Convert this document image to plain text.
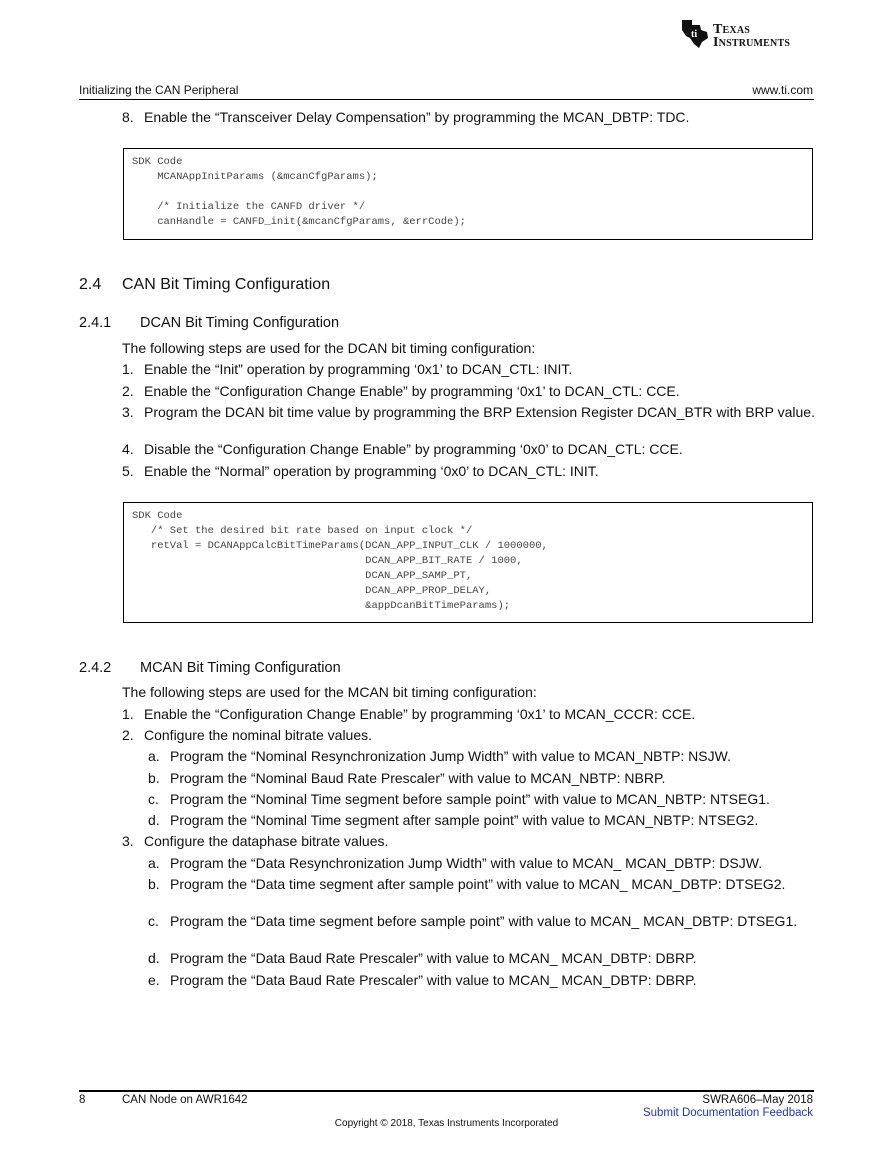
ti Texas
Instruments
Initializing the CAN Peripheral	www.ti.com
8. Enable the “Transceiver Delay Compensation” by programming the MCAN_DBTP: TDC.
SDK Code
MCANAppInitParams (&mcanCfgParams);

/* Initialize the CANFD driver */
canHandle = CANFD_init(&mcanCfgParams, &errCode);
2.4 CAN Bit Timing Configuration
2.4.1 DCAN Bit Timing Configuration
The following steps are used for the DCAN bit timing configuration:
1. Enable the “Init” operation by programming ‘0x1’ to DCAN_CTL: INIT.
2. Enable the “Configuration Change Enable” by programming ‘0x1’ to DCAN_CTL: CCE.
3. Program the DCAN bit time value by programming the BRP Extension Register DCAN_BTR with BRP value.
4. Disable the “Configuration Change Enable” by programming ‘0x0’ to DCAN_CTL: CCE.
5. Enable the “Normal” operation by programming ‘0x0’ to DCAN_CTL: INIT.
SDK Code
/* Set the desired bit rate based on input clock */
retVal = DCANAppCalcBitTimeParams(DCAN_APP_INPUT_CLK / 1000000,
DCAN_APP_BIT_RATE / 1000,
DCAN_APP_SAMP_PT,
DCAN_APP_PROP_DELAY,
&appDcanBitTimeParams);
2.4.2 MCAN Bit Timing Configuration
The following steps are used for the MCAN bit timing configuration:
1. Enable the “Configuration Change Enable” by programming ‘0x1’ to MCAN_CCCR: CCE.
2. Configure the nominal bitrate values.
a. Program the “Nominal Resynchronization Jump Width” with value to MCAN_NBTP: NSJW.
b. Program the “Nominal Baud Rate Prescaler” with value to MCAN_NBTP: NBRP.
c. Program the “Nominal Time segment before sample point” with value to MCAN_NBTP: NTSEG1.
d. Program the “Nominal Time segment after sample point” with value to MCAN_NBTP: NTSEG2.
3. Configure the dataphase bitrate values.
a. Program the “Data Resynchronization Jump Width” with value to MCAN_ MCAN_DBTP: DSJW.
b. Program the “Data time segment after sample point” with value to MCAN_ MCAN_DBTP: DTSEG2.
c. Program the “Data time segment before sample point” with value to MCAN_ MCAN_DBTP: DTSEG1.
d. Program the “Data Baud Rate Prescaler” with value to MCAN_ MCAN_DBTP: DBRP.
e. Program the “Data Baud Rate Prescaler” with value to MCAN_ MCAN_DBTP: DBRP.
8	CAN Node on AWR1642	SWRA606–May 2018
Submit Documentation Feedback
Copyright © 2018, Texas Instruments Incorporated
